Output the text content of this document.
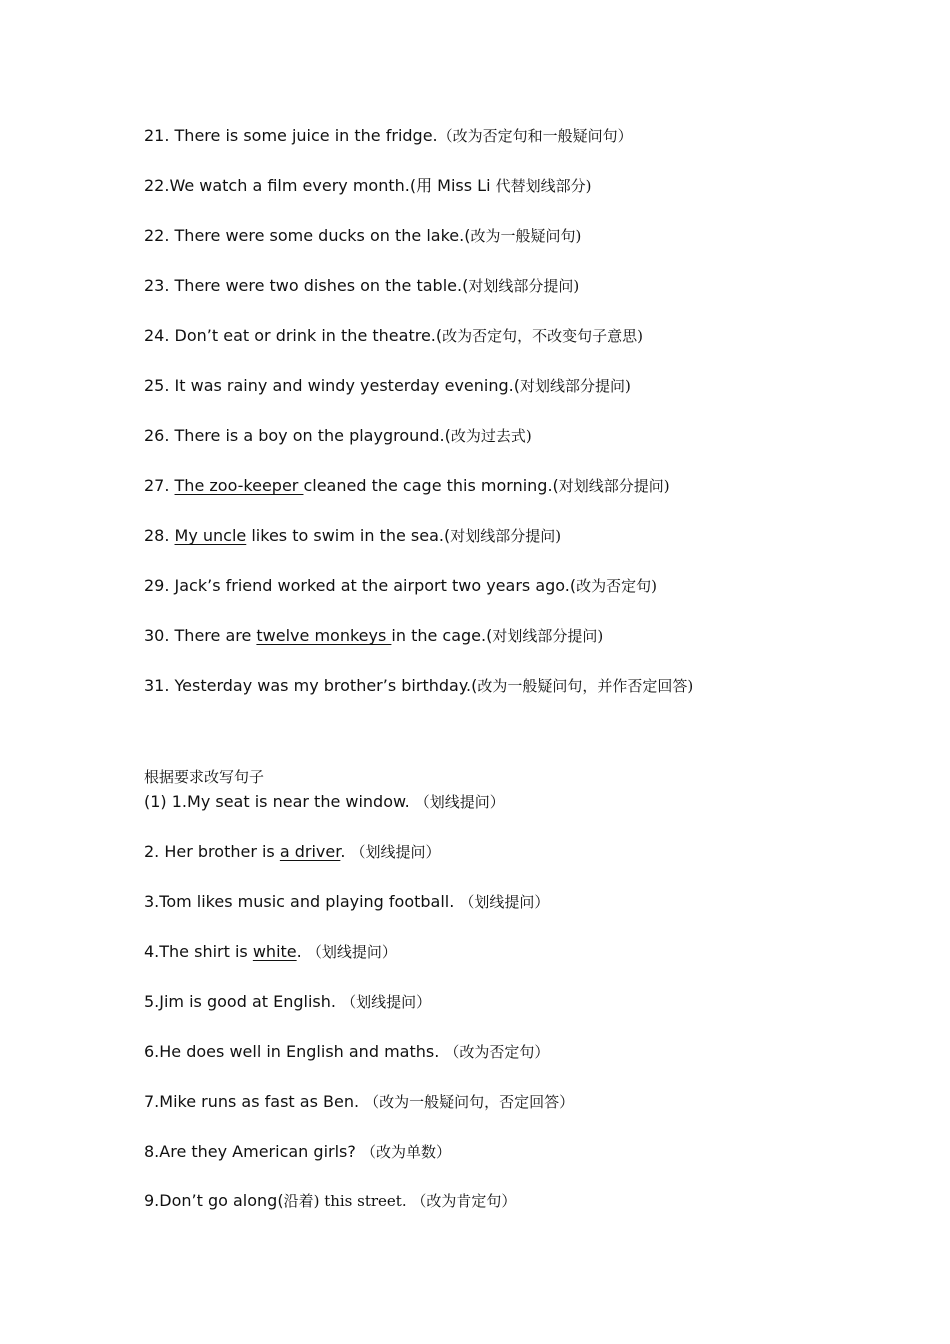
21. There is some juice in the fridge.（改为否定句和一般疑问句）
22.We watch a film every month.(用 Miss Li 代替划线部分)
22. There were some ducks on the lake.(改为一般疑问句)
23. There were two dishes on the table.(对划线部分提问)
24. Don’t eat or drink in the theatre.(改为否定句，不改变句子意思)
25. It was rainy and windy yesterday evening.(对划线部分提问)
26. There is a boy on the playground.(改为过去式)
27. The zoo-keeper cleaned the cage this morning.(对划线部分提问)
28. My uncle likes to swim in the sea.(对划线部分提问)
29. Jack’s friend worked at the airport two years ago.(改为否定句)
30. There are twelve monkeys in the cage.(对划线部分提问)
31. Yesterday was my brother’s birthday.(改为一般疑问句，并作否定回答)
根据要求改写句子
(1) 1.My seat is near the window. （划线提问）
2. Her brother is a driver. （划线提问）
3.Tom likes music and playing football. （划线提问）
4.The shirt is white. （划线提问）
5.Jim is good at English. （划线提问）
6.He does well in English and maths. （改为否定句）
7.Mike runs as fast as Ben. （改为一般疑问句，否定回答）
8.Are they American girls? （改为单数）
9.Don’t go along(沿着) this street. （改为肯定句）
